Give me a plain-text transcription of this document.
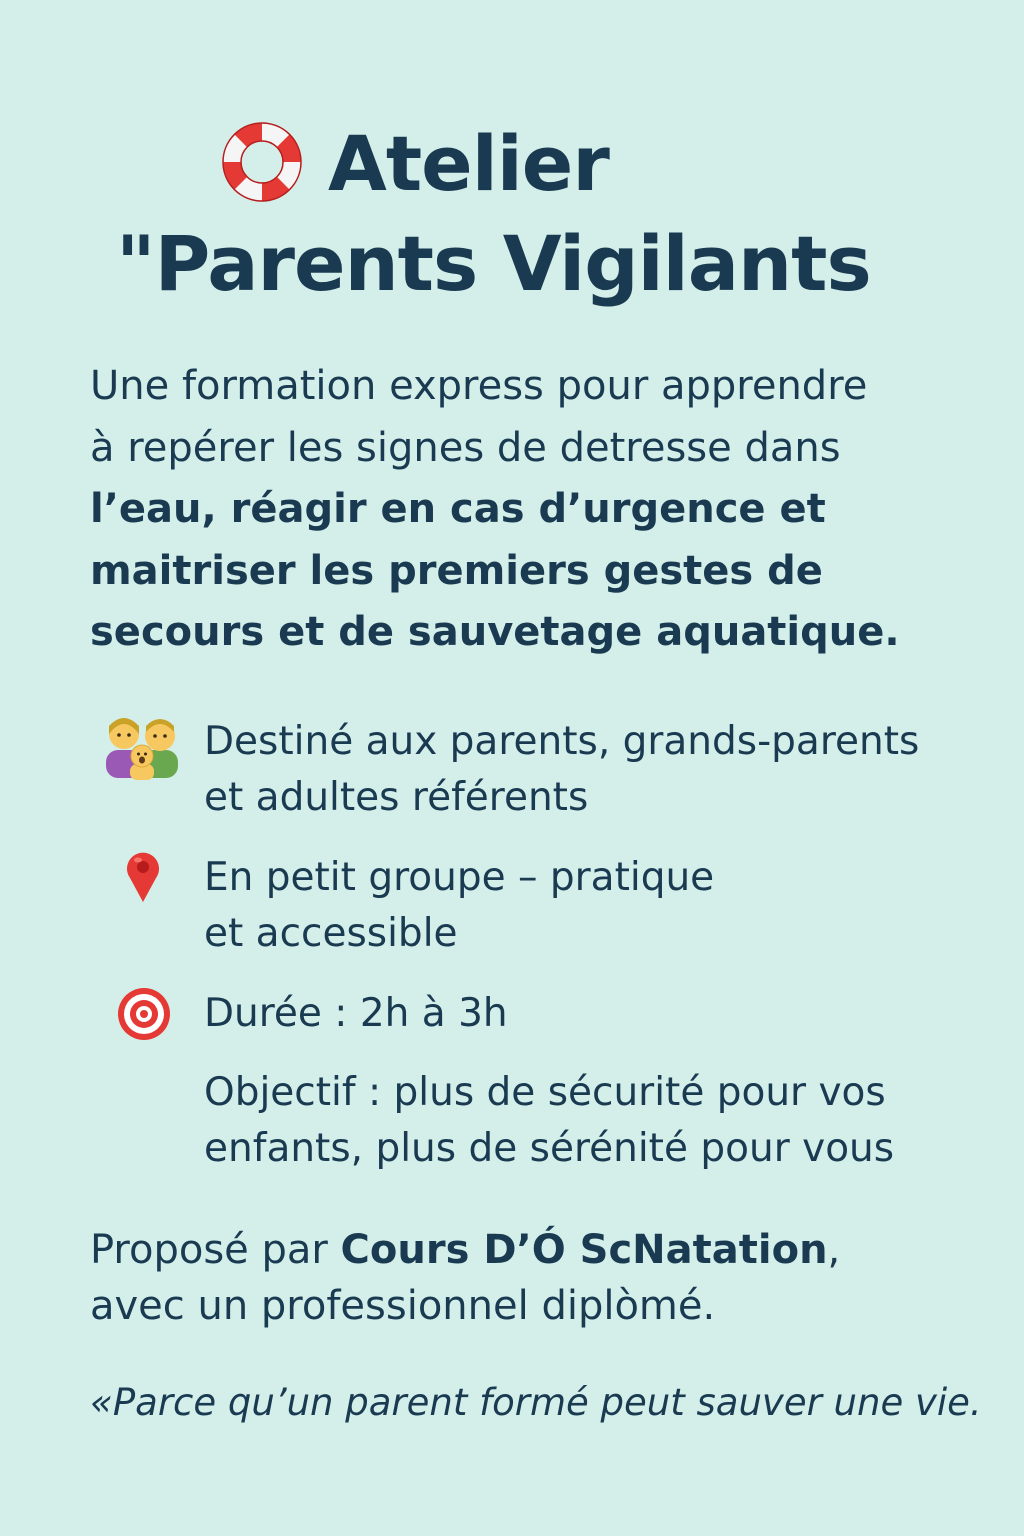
Atelier
"Parents Vigilants
Une formation express pour apprendre
à repérer les signes de detresse dans
l’eau, réagir en cas d’urgence et
maitriser les premiers gestes de
secours et de sauvetage aquatique.
Destiné aux parents, grands-parents
et adultes référents
En petit groupe – pratique
et accessible
Durée : 2h à 3h
Objectif : plus de sécurité pour vos
enfants, plus de sérénité pour vous
Proposé par Cours D’Ó ScNatation,
avec un professionnel diplòmé.
«Parce qu’un parent formé peut sauver une vie.
